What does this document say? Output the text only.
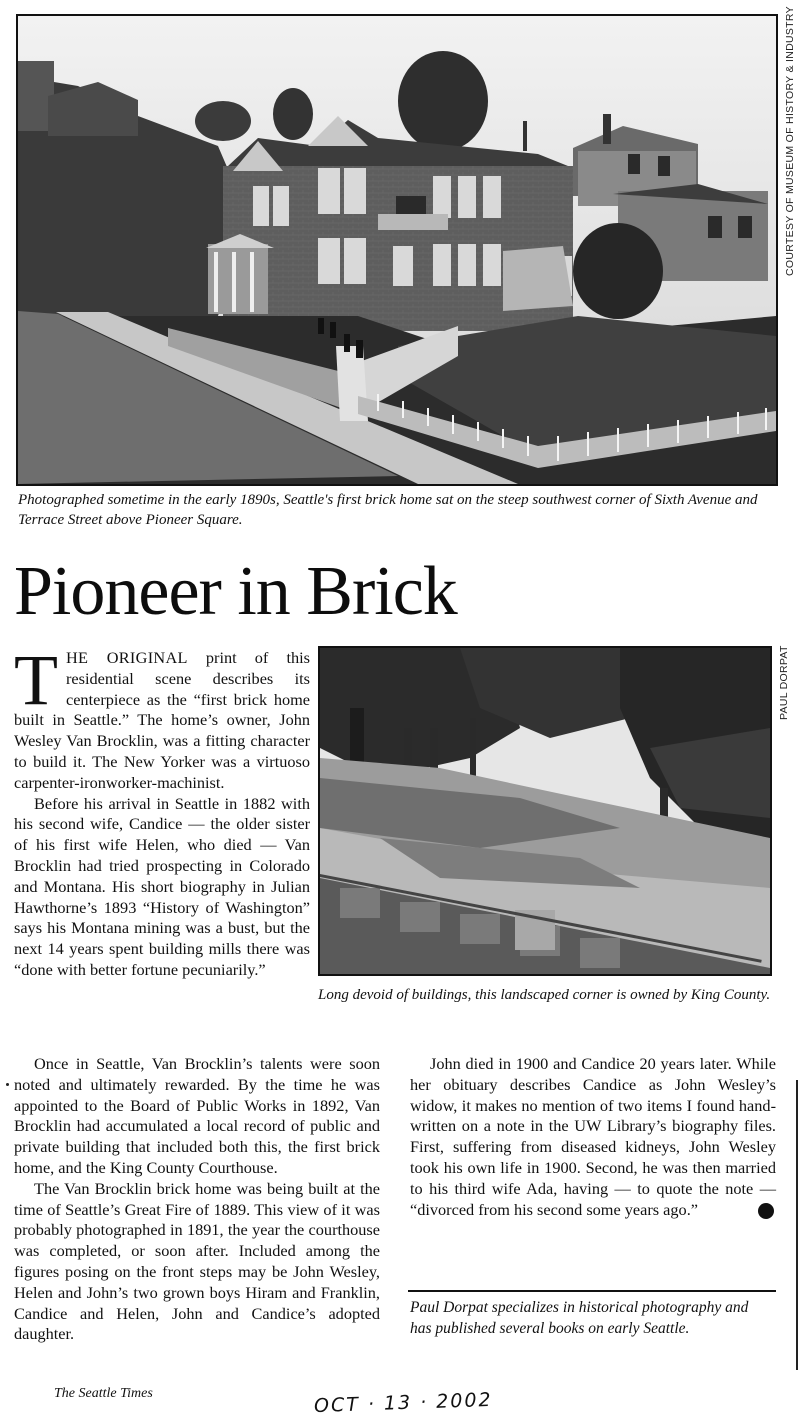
COURTESY OF MUSEUM OF HISTORY & INDUSTRY

Photographed sometime in the early 1890s, Seattle's first brick home sat on the steep southwest corner of Sixth Avenue and Terrace Street above Pioneer Square.

Pioneer in Brick
PAUL DORPAT

Long devoid of buildings, this landscaped corner is owned by King County.

THE ORIGINAL print of this residential scene describes its centerpiece as the “first brick home built in Seattle.” The home’s owner, John Wesley Van Brocklin, was a fitting character to build it. The New Yorker was a virtuoso carpenter-ironworker-machinist.

Before his arrival in Seattle in 1882 with his second wife, Candice — the older sister of his first wife Helen, who died — Van Brocklin had tried prospecting in Colorado and Montana. His short biography in Julian Hawthorne’s 1893 “History of Washington” says his Montana mining was a bust, but the next 14 years spent building mills there was “done with better fortune pecuniarily.”

Once in Seattle, Van Brocklin’s talents were soon noted and ultimately rewarded. By the time he was appointed to the Board of Public Works in 1892, Van Brocklin had accumulated a local record of public and private building that included both this, the first brick home, and the King County Courthouse.

The Van Brocklin brick home was being built at the time of Seattle’s Great Fire of 1889. This view of it was probably photographed in 1891, the year the courthouse was completed, or soon after. Included among the figures posing on the front steps may be John Wesley, Helen and John’s two grown boys Hiram and Franklin, Candice and Helen, John and Candice’s adopted daughter.

John died in 1900 and Candice 20 years later. While her obituary describes Candice as John Wesley’s widow, it makes no mention of two items I found hand-written on a note in the UW Library’s biography files. First, suffering from diseased kidneys, John Wesley took his own life in 1900. Second, he was then married to his third wife Ada, having — to quote the note — “divorced from his second some years ago.”	P

Paul Dorpat specializes in historical photography and has published several books on early Seattle.

The Seattle Times	OCT · 13 · 2002
